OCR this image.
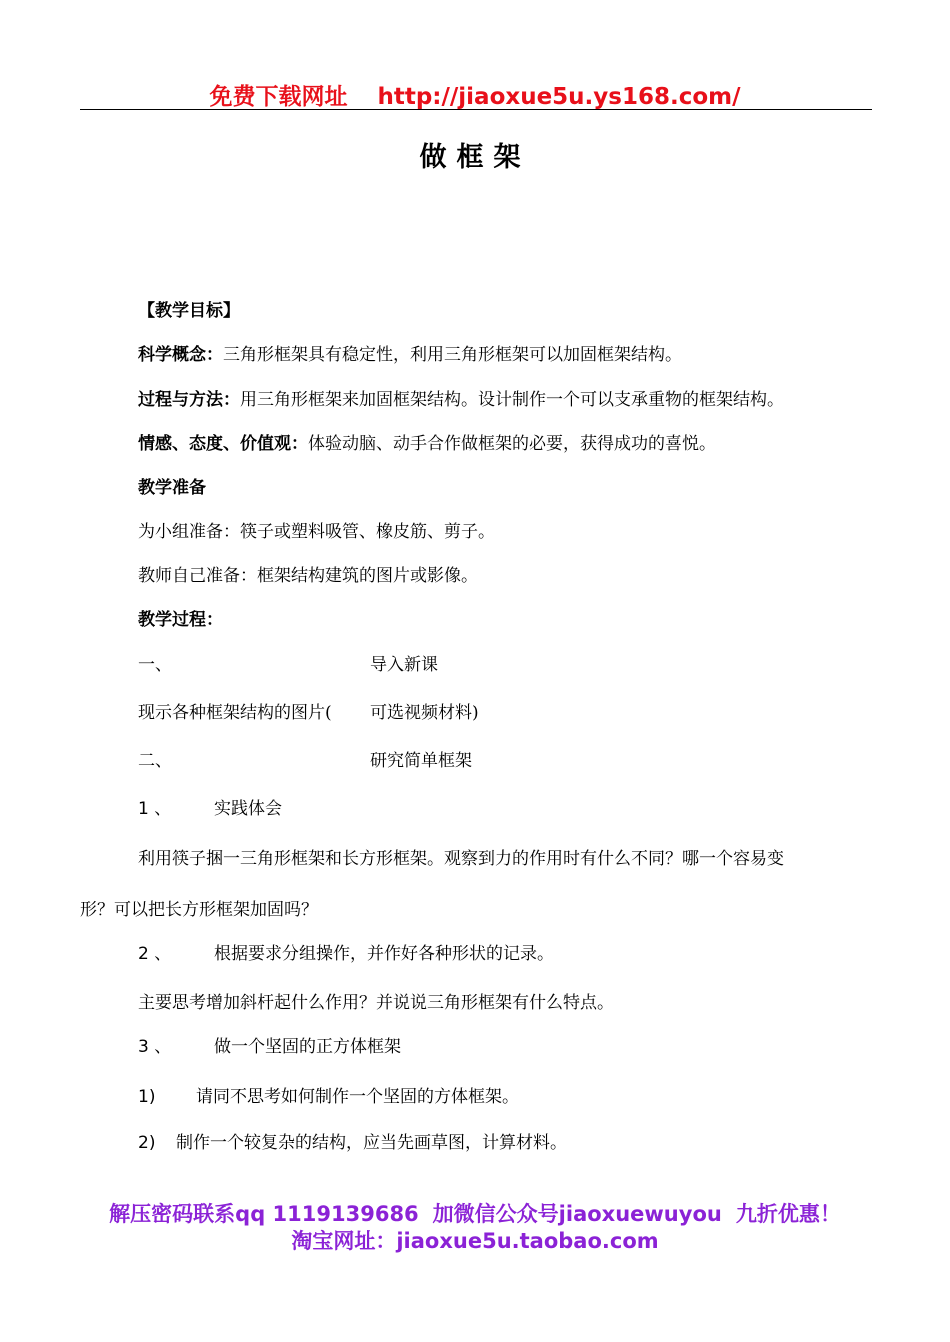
免费下载网址 http://jiaoxue5u.ys168.com/
做框架
【教学目标】
科学概念：三角形框架具有稳定性，利用三角形框架可以加固框架结构。
过程与方法：用三角形框架来加固框架结构。设计制作一个可以支承重物的框架结构。
情感、态度、价值观：体验动脑、动手合作做框架的必要，获得成功的喜悦。
教学准备
为小组准备：筷子或塑料吸管、橡皮筋、剪子。
教师自己准备：框架结构建筑的图片或影像。
教学过程：
一、	导入新课
现示各种框架结构的图片( 可选视频材料)
二、	研究简单框架
1 、	实践体会
利用筷子捆一三角形框架和长方形框架。观察到力的作用时有什么不同？哪一个容易变
形？可以把长方形框架加固吗？
2 、	根据要求分组操作，并作好各种形状的记录。
主要思考增加斜杆起什么作用？并说说三角形框架有什么特点。
3 、	做一个坚固的正方体框架
1) 请同不思考如何制作一个坚固的方体框架。
2) 制作一个较复杂的结构，应当先画草图，计算材料。
解压密码联系qq 1119139686 加微信公众号jiaoxuewuyou 九折优惠！
淘宝网址：jiaoxue5u.taobao.com
